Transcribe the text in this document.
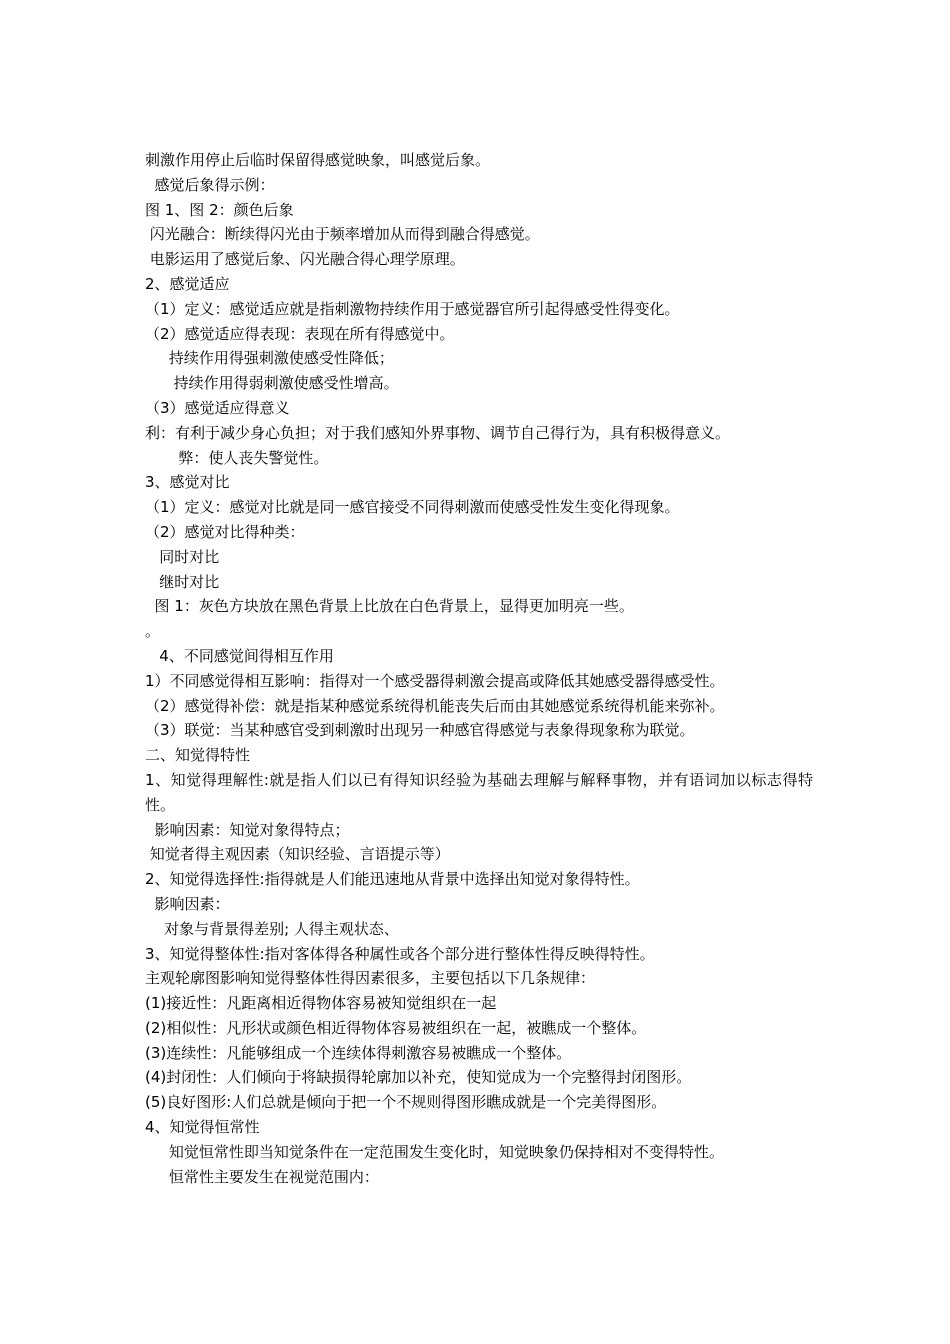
刺激作用停止后临时保留得感觉映象，叫感觉后象。
感觉后象得示例：
图 1、图 2：颜色后象
闪光融合：断续得闪光由于频率增加从而得到融合得感觉。
电影运用了感觉后象、闪光融合得心理学原理。
2、感觉适应
（1）定义：感觉适应就是指刺激物持续作用于感觉器官所引起得感受性得变化。
（2）感觉适应得表现：表现在所有得感觉中。
持续作用得强刺激使感受性降低；
持续作用得弱刺激使感受性增高。
（3）感觉适应得意义
利：有利于减少身心负担；对于我们感知外界事物、调节自己得行为，具有积极得意义。
弊：使人丧失警觉性。
3、感觉对比
（1）定义：感觉对比就是同一感官接受不同得刺激而使感受性发生变化得现象。
（2）感觉对比得种类：
同时对比
继时对比
图 1：灰色方块放在黑色背景上比放在白色背景上，显得更加明亮一些。
。
4、不同感觉间得相互作用
1）不同感觉得相互影响：指得对一个感受器得刺激会提高或降低其她感受器得感受性。
（2）感觉得补偿：就是指某种感觉系统得机能丧失后而由其她感觉系统得机能来弥补。
（3）联觉：当某种感官受到刺激时出现另一种感官得感觉与表象得现象称为联觉。
二、知觉得特性
1、知觉得理解性:就是指人们以已有得知识经验为基础去理解与解释事物，并有语词加以标志得特性。
影响因素：知觉对象得特点；
知觉者得主观因素（知识经验、言语提示等）
2、知觉得选择性:指得就是人们能迅速地从背景中选择出知觉对象得特性。
影响因素：
对象与背景得差别; 人得主观状态、
3、知觉得整体性:指对客体得各种属性或各个部分进行整体性得反映得特性。
主观轮廓图影响知觉得整体性得因素很多，主要包括以下几条规律：
(1)接近性：凡距离相近得物体容易被知觉组织在一起
(2)相似性：凡形状或颜色相近得物体容易被组织在一起，被瞧成一个整体。
(3)连续性：凡能够组成一个连续体得刺激容易被瞧成一个整体。
(4)封闭性：人们倾向于将缺损得轮廓加以补充，使知觉成为一个完整得封闭图形。
(5)良好图形:人们总就是倾向于把一个不规则得图形瞧成就是一个完美得图形。
4、知觉得恒常性
知觉恒常性即当知觉条件在一定范围发生变化时，知觉映象仍保持相对不变得特性。
恒常性主要发生在视觉范围内：
